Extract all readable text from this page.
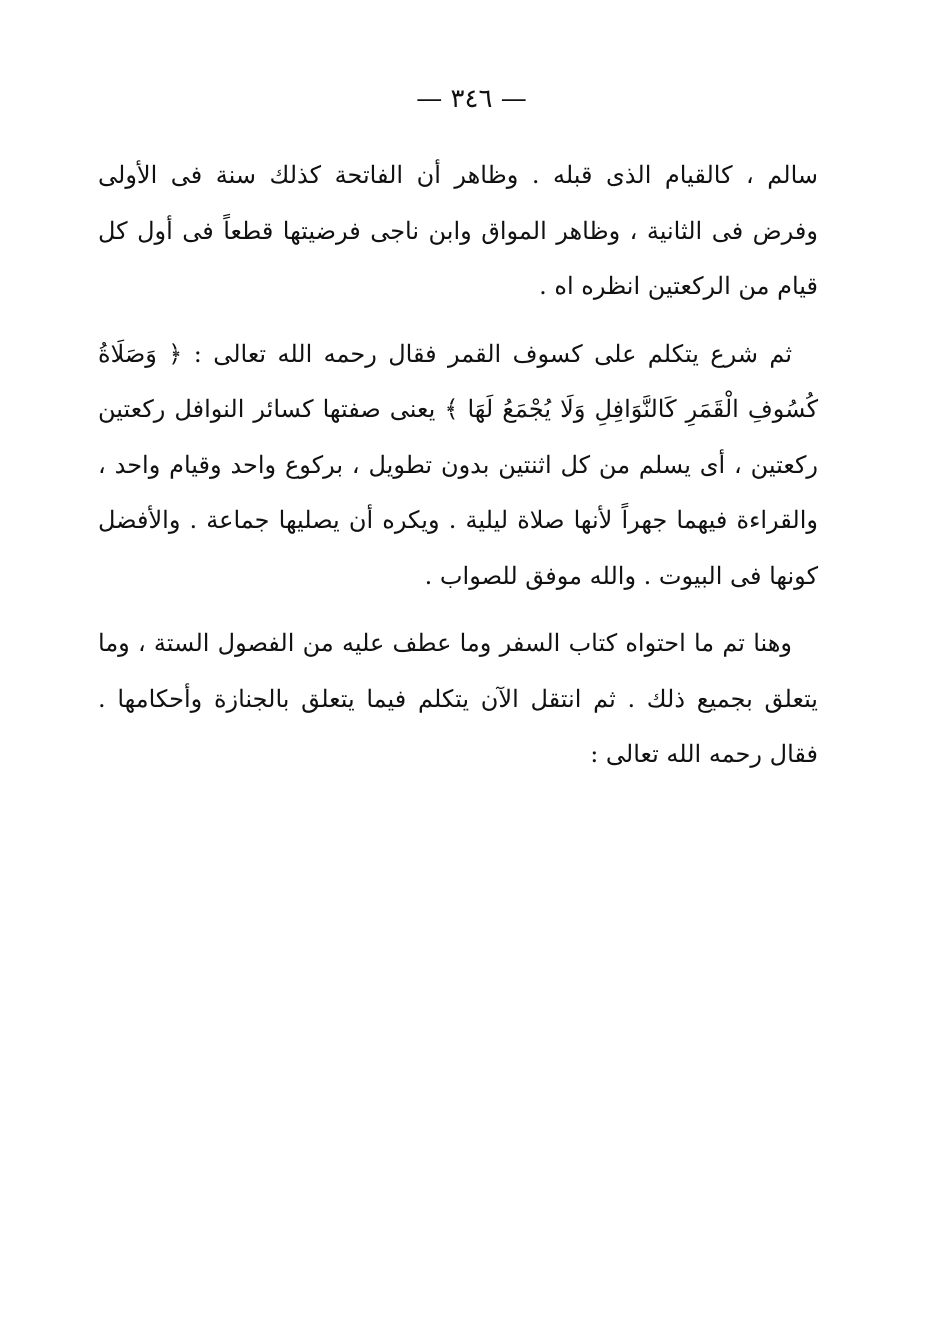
— ٣٤٦ —

سالم ، كالقيام الذى قبله . وظاهر أن الفاتحة كذلك سنة فى الأولى وفرض فى الثانية ، وظاهر المواق وابن ناجى فرضيتها قطعاً فى أول كل قيام من الركعتين انظره اه .

ثم شرع يتكلم على كسوف القمر فقال رحمه الله تعالى : ﴿ وَصَلَاةُ كُسُوفِ الْقَمَرِ كَالنَّوَافِلِ وَلَا يُجْمَعُ لَهَا ﴾ يعنى صفتها كسائر النوافل ركعتين ركعتين ، أى يسلم من كل اثنتين بدون تطويل ، بركوع واحد وقيام واحد ، والقراءة فيهما جهراً لأنها صلاة ليلية . ويكره أن يصليها جماعة . والأفضل كونها فى البيوت . والله موفق للصواب .

وهنا تم ما احتواه كتاب السفر وما عطف عليه من الفصول الستة ، وما يتعلق بجميع ذلك . ثم انتقل الآن يتكلم فيما يتعلق بالجنازة وأحكامها . فقال رحمه الله تعالى :
